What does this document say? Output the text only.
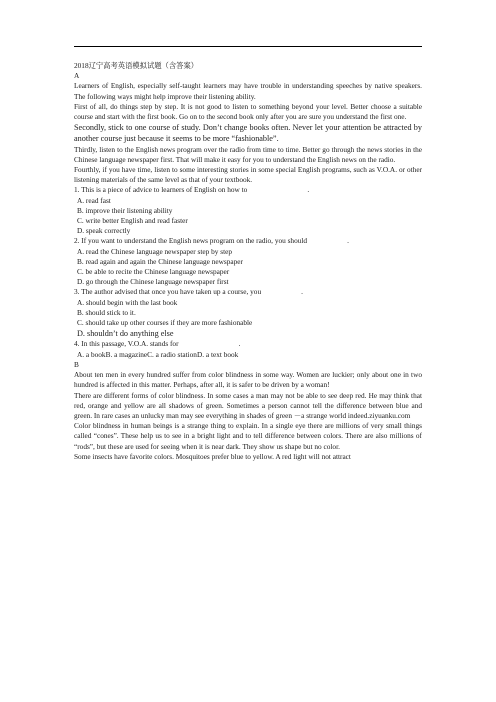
2018辽宁高考英语模拟试题（含答案）

A

Learners of English, especially self-taught learners may have trouble in understanding speeches by native speakers. The following ways might help improve their listening ability.

First of all, do things step by step. It is not good to listen to something beyond your level. Better choose a suitable course and start with the first book. Go on to the second book only after you are sure you understand the first one.

Secondly, stick to one course of study. Don’t change books often. Never let your attention be attracted by another course just because it seems to be more “fashionable”.

Thirdly, listen to the English news program over the radio from time to time. Better go through the news stories in the Chinese language newspaper first. That will make it easy for you to understand the English news on the radio.

Fourthly, if you have time, listen to some interesting stories in some special English programs, such as V.O.A. or other listening materials of the same level as that of your textbook.

1. This is a piece of advice to learners of English on how to	.

A. read fast

B. improve their listening ability

C. write better English and read faster

D. speak correctly

2. If you want to understand the English news program on the radio, you should	.

A. read the Chinese language newspaper step by step

B. read again and again the Chinese language newspaper

C. be able to recite the Chinese language newspaper

D. go through the Chinese language newspaper first

3. The author advised that once you have taken up a course, you	.

A. should begin with the last book

B. should stick to it.

C. should take up other courses if they are more fashionable

D. shouldn’t do anything else

4. In this passage, V.O.A. stands for	.

A. a bookB. a magazineC. a radio stationD. a text book

B

About ten men in every hundred suffer from color blindness in some way. Women are luckier; only about one in two hundred is affected in this matter. Perhaps, after all, it is safer to be driven by a woman!

There are different forms of color blindness. In some cases a man may not be able to see deep red. He may think that red, orange and yellow are all shadows of green. Sometimes a person cannot tell the difference between blue and green. In rare cases an unlucky man may see everything in shades of green －a strange world indeed.ziyuanku.com

Color blindness in human beings is a strange thing to explain. In a single eye there are millions of very small things called “cones”. These help us to see in a bright light and to tell difference between colors. There are also millions of “rods”, but these are used for seeing when it is near dark. They show us shape but no color.

Some insects have favorite colors. Mosquitoes prefer blue to yellow. A red light will not attract
